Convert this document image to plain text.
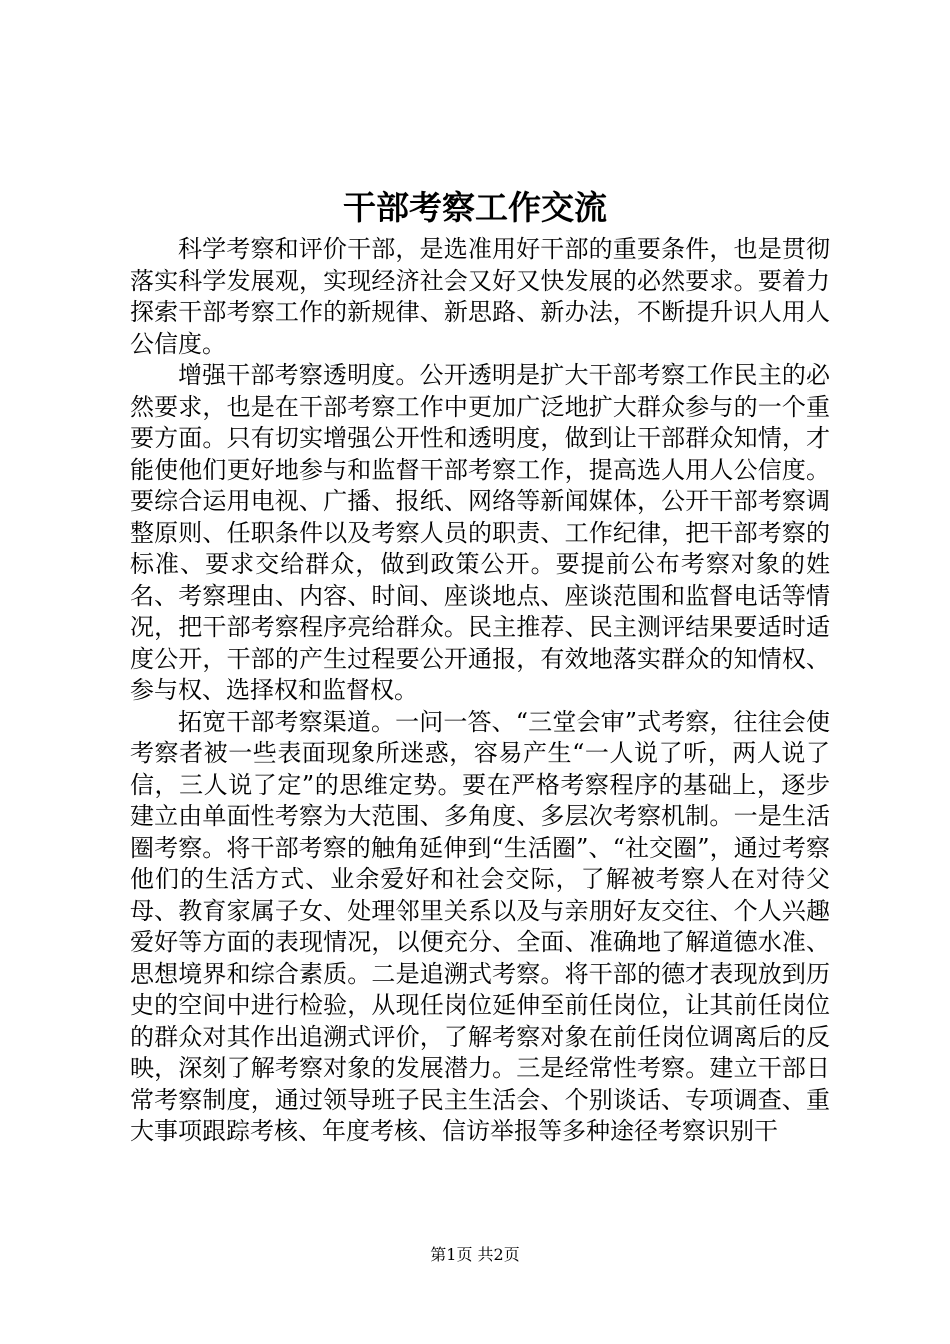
干部考察工作交流

科学考察和评价干部，是选准用好干部的重要条件，也是贯彻落实科学发展观，实现经济社会又好又快发展的必然要求。要着力探索干部考察工作的新规律、新思路、新办法，不断提升识人用人公信度。

增强干部考察透明度。公开透明是扩大干部考察工作民主的必然要求，也是在干部考察工作中更加广泛地扩大群众参与的一个重要方面。只有切实增强公开性和透明度，做到让干部群众知情，才能使他们更好地参与和监督干部考察工作，提高选人用人公信度。要综合运用电视、广播、报纸、网络等新闻媒体，公开干部考察调整原则、任职条件以及考察人员的职责、工作纪律，把干部考察的标准、要求交给群众，做到政策公开。要提前公布考察对象的姓名、考察理由、内容、时间、座谈地点、座谈范围和监督电话等情况，把干部考察程序亮给群众。民主推荐、民主测评结果要适时适度公开，干部的产生过程要公开通报，有效地落实群众的知情权、参与权、选择权和监督权。

拓宽干部考察渠道。一问一答、“三堂会审”式考察，往往会使考察者被一些表面现象所迷惑，容易产生“一人说了听，两人说了信，三人说了定”的思维定势。要在严格考察程序的基础上，逐步建立由单面性考察为大范围、多角度、多层次考察机制。一是生活圈考察。将干部考察的触角延伸到“生活圈”、“社交圈”，通过考察他们的生活方式、业余爱好和社会交际，了解被考察人在对待父母、教育家属子女、处理邻里关系以及与亲朋好友交往、个人兴趣爱好等方面的表现情况，以便充分、全面、准确地了解道德水准、思想境界和综合素质。二是追溯式考察。将干部的德才表现放到历史的空间中进行检验，从现任岗位延伸至前任岗位，让其前任岗位的群众对其作出追溯式评价，了解考察对象在前任岗位调离后的反映，深刻了解考察对象的发展潜力。三是经常性考察。建立干部日常考察制度，通过领导班子民主生活会、个别谈话、专项调查、重大事项跟踪考核、年度考核、信访举报等多种途径考察识别干

第1页 共2页
